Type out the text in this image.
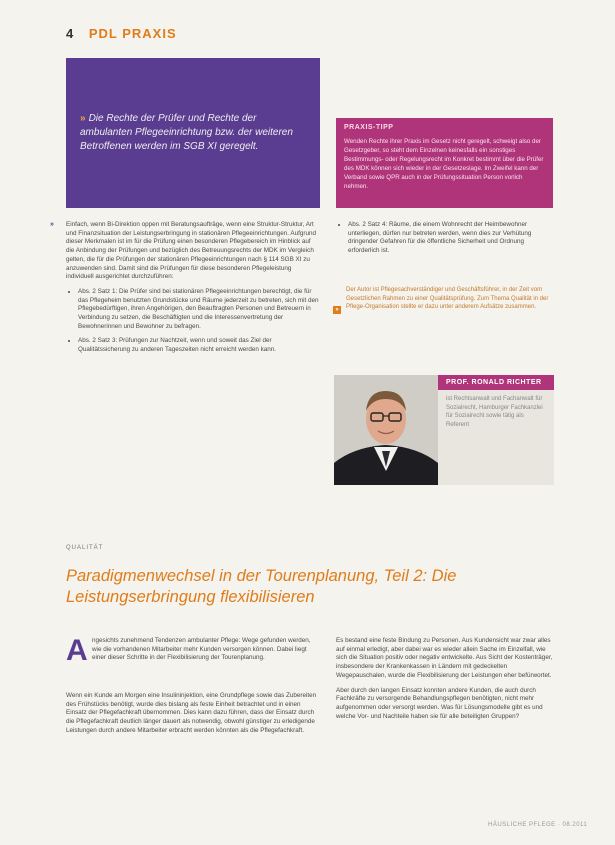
4 PDL PRAXIS

» Die Rechte der Prüfer und Rechte der ambulanten Pflegeeinrichtung bzw. der weiteren Betroffenen werden im SGB XI geregelt.

PRAXIS-TIPP

Wenden Rechte ihrer Praxis im Gesetz nicht geregelt, schweigt also der Gesetzgeber, so steht dem Einzelnen keinesfalls ein sonstiges Bestimmungs- oder Regelungsrecht im Konkret bestimmt über die Prüfer des MDK können sich wieder in der Gesetzeslage. Im Zweifel kann der Verband sowie QPR auch in der Prüfungssituation Person vorlich nehmen.

» Einfach, wenn Bi-Direktion oppen mit Beratungsaufträge, wenn eine Struktur-Struktur, Art und Finanzsituation der Leistungserbringung in stationären Pflegeeinrichtungen. Aufgrund dieser Merkmalen ist im für die Prüfung einen besonderen Pflegebereich im Hinblick auf die Anbindung der Prüfungen und bezüglich des Betreuungsrechts der MDK im Vergleich gelten, die für die Prüfungen der stationären Pflegeeinrichtungen nach § 114 SGB XI zu anzuwenden sind. Damit sind die Prüfungen für diese besonderen Pflegeleistung individuell ausgerichtet durchzuführen:

• Abs. 2 Satz 1: Die Prüfer sind bei stationären Pflegeeinrichtungen berechtigt, die für das Pflegeheim benutzten Grundstücke und Räume jederzeit zu betreten, sich mit den Pflegebedürftigen, ihren Angehörigen, den Beauftragten Personen und Betreuern in Verbindung zu setzen, die Beschäftigten und die Interessenvertretung der Bewohnerinnen und Bewohner zu befragen.
• Abs. 2 Satz 3: Prüfungen zur Nachtzeit, wenn und soweit das Ziel der Qualitätssicherung zu anderen Tageszeiten nicht erreicht werden kann.
• Abs. 2 Satz 4: Räume, die einem Wohnrecht der Heimbewohner unterliegen, dürfen nur betreten werden, wenn dies zur Verhütung dringender Gefahren für die öffentliche Sicherheit und Ordnung erforderlich ist.
»

Der Autor ist Pflegesachverständiger und Geschäftsführer, in der Zeit vom Gesetzlichen Rahmen zu einer Qualitätsprüfung. Zum Thema Qualität in der Pflege-Organisation stellte er dazu unter anderem Aufsätze zusammen.

PROF. RONALD RICHTER

ist Rechtsanwalt und Fachanwalt für Sozialrecht, Hamburger Fachkanzlei für Sozialrecht sowie tätig als Referent

QUALITÄT
Paradigmenwechsel in der Tourenplanung, Teil 2: Die Leistungserbringung flexibilisieren
A ngesichts zunehmend Tendenzen ambulanter Pflege: Wege gefunden werden, wie die vorhandenen Mitarbeiter mehr Kunden versorgen können. Dabei liegt einer dieser Schritte in der Flexibilisierung der Tourenplanung.

Wenn ein Kunde am Morgen eine Insulininjektion, eine Grundpflege sowie das Zubereiten des Frühstücks benötigt, wurde dies bislang als feste Einheit betrachtet und in einen Einsatz der Pflegefachkraft übernommen. Dies kann dazu führen, dass der Einsatz durch die Pflegefachkraft deutlich länger dauert als notwendig, obwohl günstiger zu erledigende Leistungen durch andere Mitarbeiter erbracht werden könnten als die Pflegefachkraft.

Es bestand eine feste Bindung zu Personen. Aus Kundensicht war zwar alles auf einmal erledigt, aber dabei war es wieder allein Sache im Einzelfall, wie sich die Situation positiv oder negativ entwickelte. Aus Sicht der Kostenträger, insbesondere der Krankenkassen in Ländern mit gedeckelten Wegepauschalen, wurde die Flexibilisierung der Leistungen eher befürwortet.

Aber durch den langen Einsatz konnten andere Kunden, die auch durch Fachkräfte zu versorgende Behandlungspflegen benötigten, nicht mehr aufgenommen oder versorgt werden. Was für Lösungsmodelle gibt es und welche Vor- und Nachteile haben sie für alle beteiligten Gruppen?

HÄUSLICHE PFLEGE · 08.2011
